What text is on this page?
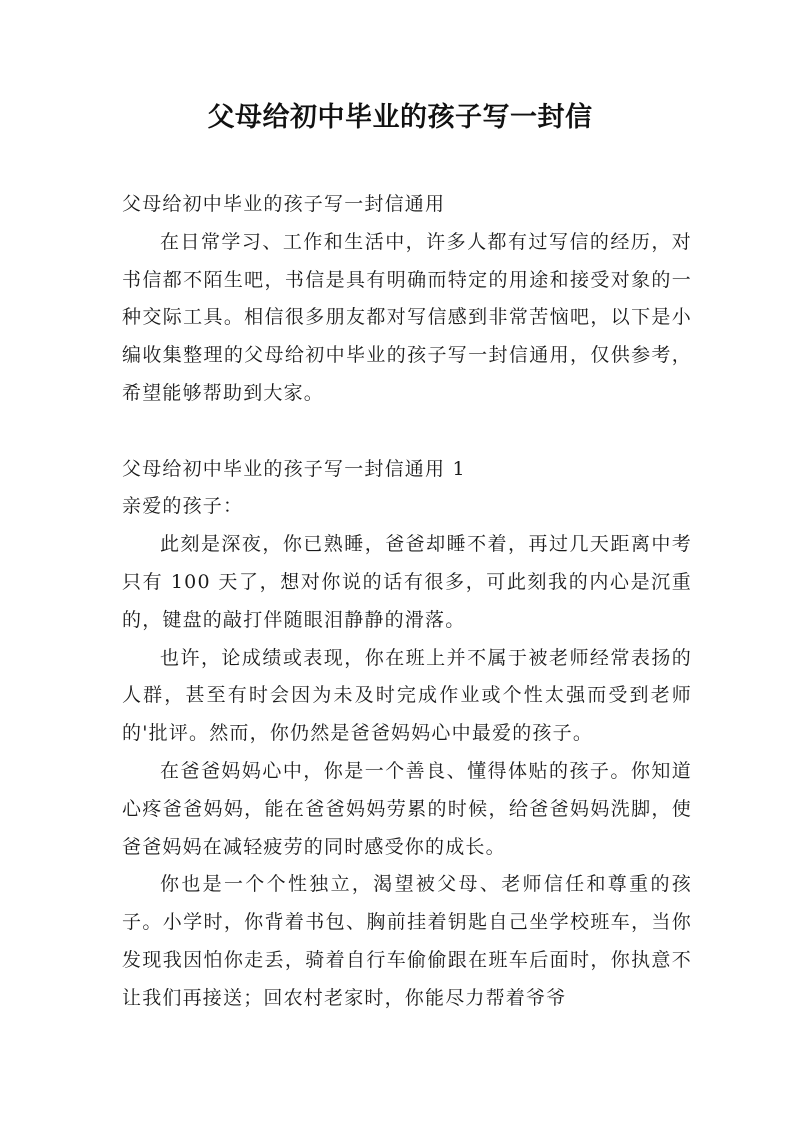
父母给初中毕业的孩子写一封信

父母给初中毕业的孩子写一封信通用

在日常学习、工作和生活中，许多人都有过写信的经历，对书信都不陌生吧，书信是具有明确而特定的用途和接受对象的一种交际工具。相信很多朋友都对写信感到非常苦恼吧，以下是小编收集整理的父母给初中毕业的孩子写一封信通用，仅供参考，希望能够帮助到大家。

父母给初中毕业的孩子写一封信通用 1

亲爱的孩子：

此刻是深夜，你已熟睡，爸爸却睡不着，再过几天距离中考只有 100 天了，想对你说的话有很多，可此刻我的内心是沉重的，键盘的敲打伴随眼泪静静的滑落。

也许，论成绩或表现，你在班上并不属于被老师经常表扬的人群，甚至有时会因为未及时完成作业或个性太强而受到老师的'批评。然而，你仍然是爸爸妈妈心中最爱的孩子。

在爸爸妈妈心中，你是一个善良、懂得体贴的孩子。你知道心疼爸爸妈妈，能在爸爸妈妈劳累的时候，给爸爸妈妈洗脚，使爸爸妈妈在减轻疲劳的同时感受你的成长。

你也是一个个性独立，渴望被父母、老师信任和尊重的孩子。小学时，你背着书包、胸前挂着钥匙自己坐学校班车，当你发现我因怕你走丢，骑着自行车偷偷跟在班车后面时，你执意不让我们再接送；回农村老家时，你能尽力帮着爷爷
